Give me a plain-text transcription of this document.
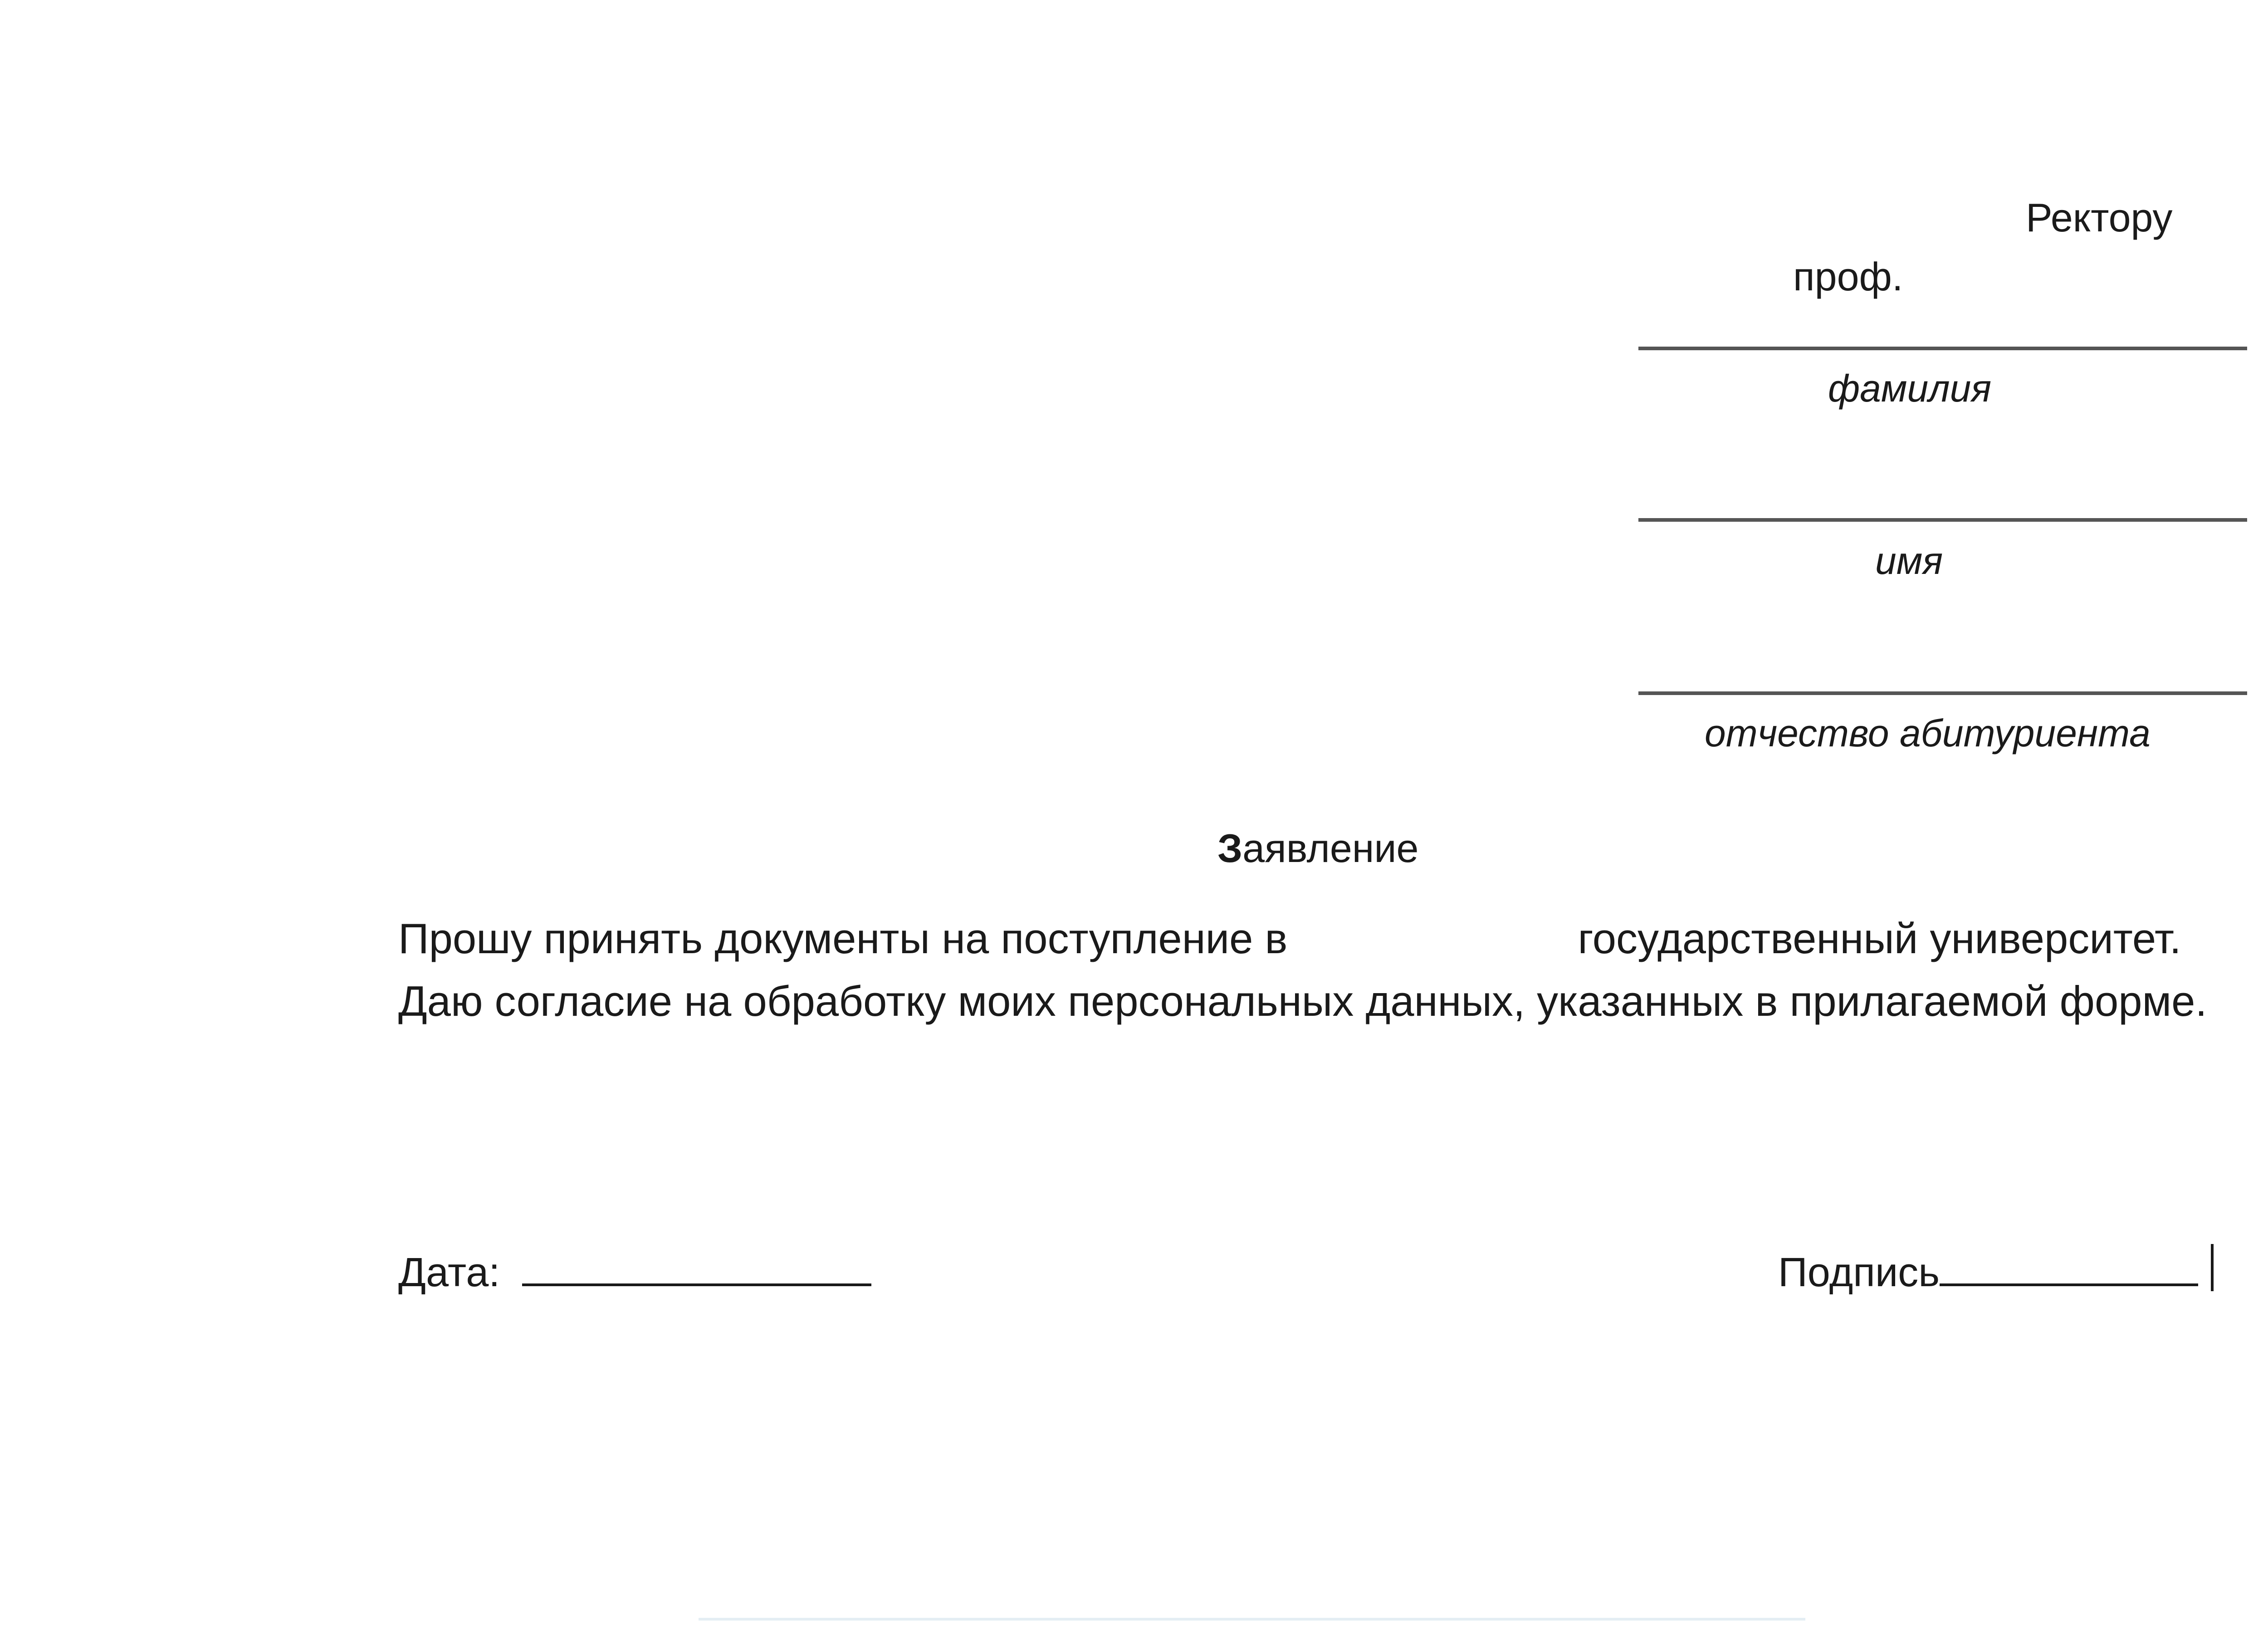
Ректору
проф.
фамилия
имя
отчество абитуриента
Заявление
Прошу принять документы на поступление в	государственный университет.
Даю согласие на обработку моих персональных данных, указанных в прилагаемой форме.
Дата:	Подпись
